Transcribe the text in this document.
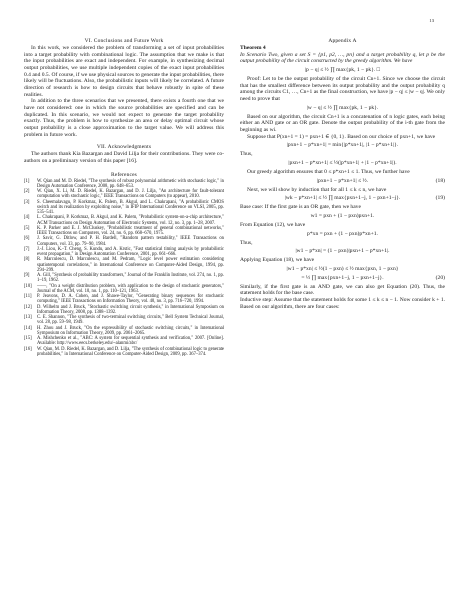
13
VI. Conclusions and Future Work

In this work, we considered the problem of transforming a set of input probabilities into a target probability with combinational logic. The assumption that we make is that the input probabilities are exact and independent. For example, in synthesizing decimal output probabilities, we use multiple independent copies of the exact input probabilities 0.4 and 0.5. Of course, if we use physical sources to generate the input probabilities, there likely will be fluctuations. Also, the probabilistic inputs will likely be correlated. A future direction of research is how to design circuits that behave robustly in spite of these realities.

In addition to the three scenarios that we presented, there exists a fourth one that we have not considered: one in which the source probabilities are specified and can be duplicated. In this scenario, we would not expect to generate the target probability exactly. Thus, the problem is how to synthesize an area or delay optimal circuit whose output probability is a close approximation to the target value. We will address this problem in future work.

VII. Acknowledgments

The authors thank Kia Bazargan and David Lilja for their contributions. They were co-authors on a preliminary version of this paper [16].

References
[1] W. Qian and M. D. Riedel, "The synthesis of robust polynomial arithmetic with stochastic logic," in Design Automation Conference, 2008, pp. 648–653.
[2] W. Qian, X. Li, M. D. Riedel, K. Bazargan, and D. J. Lilja, "An architecture for fault-tolerant computation with stochastic logic," IEEE Transactions on Computers (to appear), 2010.
[3] S. Cheemalavagu, P. Korkmaz, K. Palem, B. Akgul, and L. Chakrapani, "A probabilistic CMOS switch and its realization by exploiting noise," in IFIP International Conference on VLSI, 2005, pp. 535–541.
[4] L. Chakrapani, P. Korkmaz, B. Akgul, and K. Palem, "Probabilistic system-on-a-chip architecture," ACM Transactions on Design Automation of Electronic Systems, vol. 12, no. 3, pp. 1–28, 2007.
[5] K. P. Parker and E. J. McCluskey, "Probabilistic treatment of general combinational networks," IEEE Transactions on Computers, vol. 24, no. 6, pp. 668–670, 1975.
[6] J. Savir, G. Ditlow, and P. H. Bardell, "Random pattern testability," IEEE Transactions on Computers, vol. 33, pp. 79–90, 1984.
[7] J.-J. Liou, K.-T. Cheng, S. Kundu, and A. Krstic, "Fast statistical timing analysis by probabilistic event propagation," in Design Automation Conference, 2001, pp. 661–666.
[8] R. Marculescu, D. Marculescu, and M. Pedram, "Logic level power estimation considering spatiotemporal correlations," in International Conference on Computer-Aided Design, 1994, pp. 294–299.
[9] A. Gill, "Synthesis of probability transformers," Journal of the Franklin Institute, vol. 274, no. 1, pp. 1–19, 1962.
[10] ——, "On a weight distribution problem, with application to the design of stochastic generators," Journal of the ACM, vol. 10, no. 1, pp. 110–121, 1963.
[11] P. Jeavons, D. A. Cohen, and J. Shawe-Taylor, "Generating binary sequences for stochastic computing," IEEE Transactions on Information Theory, vol. 40, no. 3, pp. 716–720, 1994.
[12] D. Wilhelm and J. Bruck, "Stochastic switching circuit synthesis," in International Symposium on Information Theory, 2008, pp. 1388–1392.
[13] C. E. Shannon, "The synthesis of two-terminal switching circuits," Bell System Technical Journal, vol. 28, pp. 59–98, 1949.
[14] H. Zhou and J. Bruck, "On the expressibility of stochastic switching circuits," in International Symposium on Information Theory, 2009, pp. 2061–2065.
[15] A. Mishchenko et al., "ABC: A system for sequential synthesis and verification," 2007. [Online]. Available: http://www.eecs.berkeley.edu/~alanmi/abc/
[16] W. Qian, M. D. Riedel, K. Bazargan, and D. Lilja, "The synthesis of combinational logic to generate probabilities," in International Conference on Computer-Aided Design, 2009, pp. 367–374.
Appendix A

Theorem 4

In Scenario Two, given a set S = {p1, p2, …, pn} and a target probability q, let p be the output probability of the circuit constructed by the greedy algorithm. We have

|p − q| ≤ ½ ∏ max{pk, 1 − pk}. □

Proof: Let to be the output probability of the circuit Cn+1. Since we choose the circuit that has the smallest difference between its output probability and the output probability q among the circuits C1, …, Cn+1 as the final construction, we have |p − q| ≤ |w − q|. We only need to prove that

|w − q| ≤ ½ ∏ max{pk, 1 − pk}.

Based on our algorithm, the circuit Cn+1 is a concatenation of n logic gates, each being either an AND gate or an OR gate. Denote the output probability of the i-th gate from the beginning as wi.

Suppose that P(xn+1 = 1) = pxn+1 ∈ {0, 1}. Based on our choice of pxn+1, we have

|pxn+1 − p*xn+1| = min{|p*xn+1|, |1 − p*xn+1|}.

Thus,

|pxn+1 − p*xn+1| ≤ ½(|p*xn+1| + |1 − p*xn+1|).

Our greedy algorithm ensures that 0 ≤ p*xn+1 ≤ 1. Thus, we further have

|pxn+1 − p*xn+1| ≤ ½.	(18)

Next, we will show by induction that for all 1 ≤ k ≤ n, we have

|wk − p*xn+1| ≤ ½ ∏ max{pxn+1−j, 1 − pxn+1−j}.	(19)

Base case: If the first gate is an OR gate, then we have

w1 = pxn + (1 − pxn)pxn+1.

From Equation (12), we have

p*xn = pxn + (1 − pxn)p*xn+1.

Thus,

|w1 − p*xn| = (1 − pxn)|pxn+1 − p*xn+1|.

Applying Equation (18), we have

|w1 − p*xn| ≤ ½(1 − pxn) ≤ ½ max{pxn, 1 − pxn}
= ½ ∏ max{pxn+1−j, 1 − pxn+1−j}.	(20)

Similarly, if the first gate is an AND gate, we can also get Equation (20). Thus, the statement holds for the base case.

Inductive step: Assume that the statement holds for some 1 ≤ k ≤ n − 1. Now consider k + 1. Based on our algorithm, there are four cases:
